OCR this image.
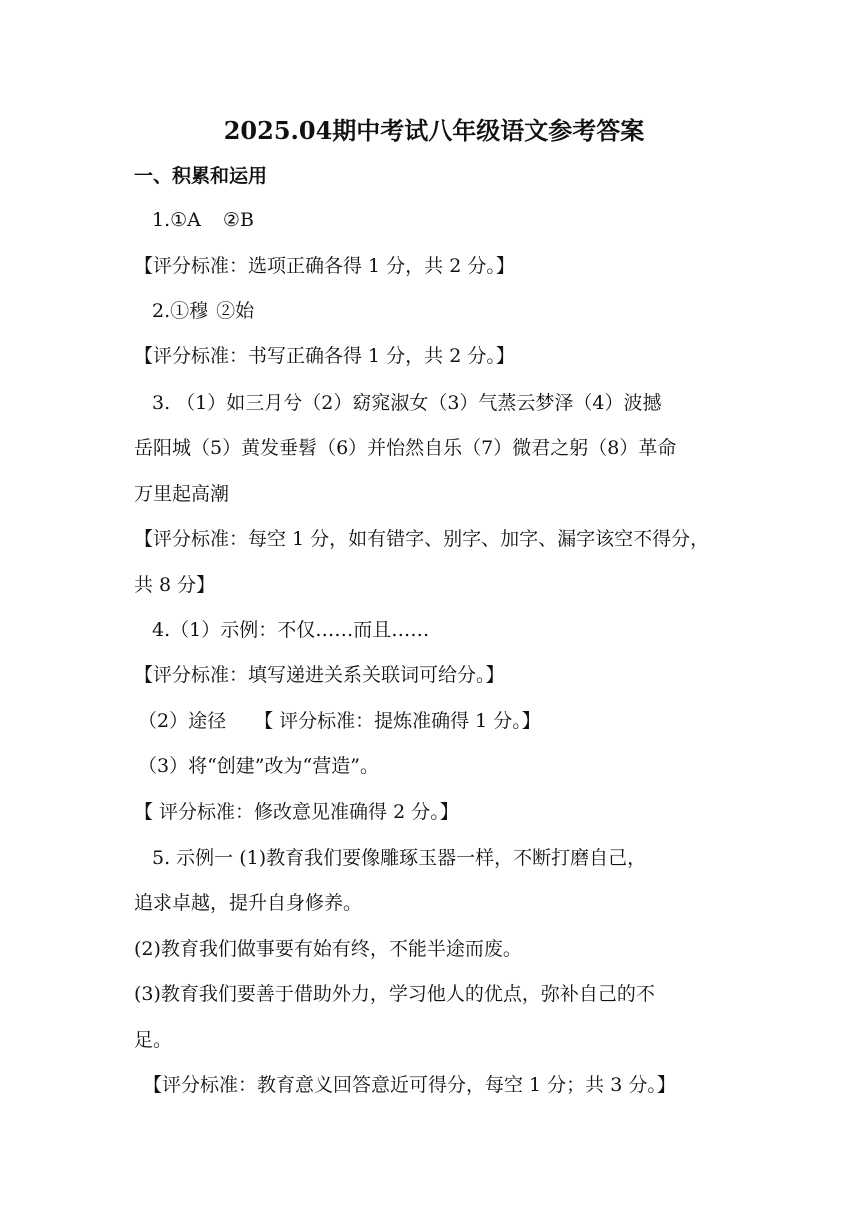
2025.04期中考试八年级语文参考答案
一、积累和运用
1.①A ②B
【评分标准：选项正确各得 1 分，共 2 分。】
2.①穆 ②始
【评分标准：书写正确各得 1 分，共 2 分。】
3. （1）如三月兮（2）窈窕淑女（3）气蒸云梦泽（4）波撼
岳阳城（5）黄发垂髫（6）并怡然自乐（7）微君之躬（8）革命
万里起高潮
【评分标准：每空 1 分，如有错字、别字、加字、漏字该空不得分，
共 8 分】
4.（1）示例：不仅……而且……
【评分标准：填写递进关系关联词可给分。】
（2）途径 【 评分标准：提炼准确得 1 分。】
（3）将“创建”改为“营造”。
【 评分标准：修改意见准确得 2 分。】
5. 示例一 (1)教育我们要像雕琢玉器一样，不断打磨自己，
追求卓越，提升自身修养。
(2)教育我们做事要有始有终，不能半途而废。
(3)教育我们要善于借助外力，学习他人的优点，弥补自己的不
足。
【评分标准：教育意义回答意近可得分，每空 1 分；共 3 分。】
